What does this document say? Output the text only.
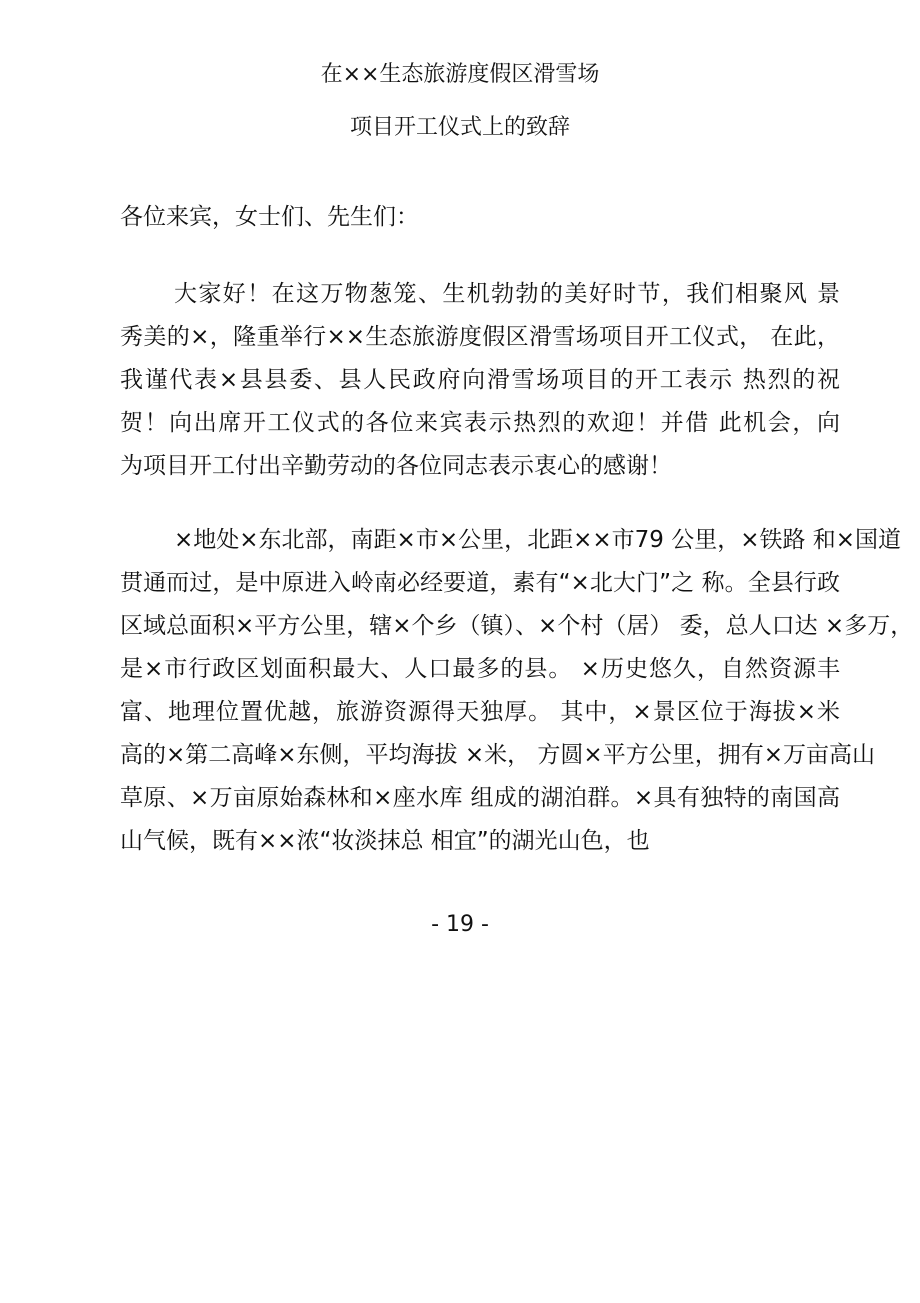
在××生态旅游度假区滑雪场
项目开工仪式上的致辞
各位来宾，女士们、先生们：
大家好！在这万物葱笼、生机勃勃的美好时节，我们相聚风 景
秀美的×，隆重举行××生态旅游度假区滑雪场项目开工仪式， 在此，
我谨代表×县县委、县人民政府向滑雪场项目的开工表示 热烈的祝
贺！向出席开工仪式的各位来宾表示热烈的欢迎！并借 此机会，向
为项目开工付出辛勤劳动的各位同志表示衷心的感谢！
×地处×东北部，南距×市×公里，北距××市79 公里，×铁路 和×国道
贯通而过，是中原进入岭南必经要道，素有“×北大门”之 称。全县行政
区域总面积×平方公里，辖×个乡（镇）、×个村（居） 委，总人口达 ×多万，
是×市行政区划面积最大、人口最多的县。 ×历史悠久，自然资源丰
富、地理位置优越，旅游资源得天独厚。 其中，×景区位于海拔×米
高的×第二高峰×东侧，平均海拔 ×米， 方圆×平方公里，拥有×万亩高山
草原、×万亩原始森林和×座水库 组成的湖泊群。×具有独特的南国高
山气候，既有××浓“妆淡抹总 相宜”的湖光山色，也
- 19 -
